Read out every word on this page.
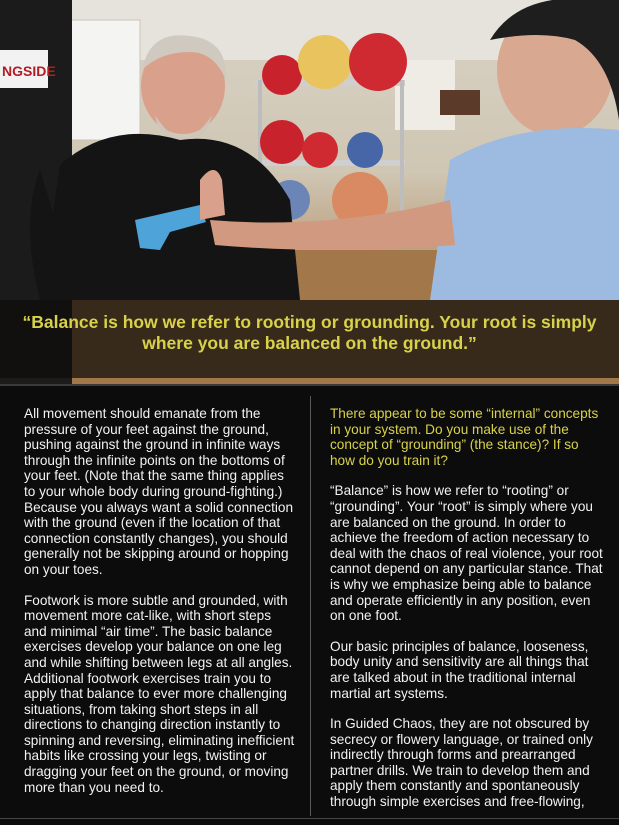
NGSIDE
“Balance is how we refer to rooting or grounding. Your root is simply where you are balanced on the ground.”

All movement should emanate from the pressure of your feet against the ground, pushing against the ground in infinite ways through the infinite points on the bottoms of your feet. (Note that the same thing applies to your whole body during ground-fighting.) Because you always want a solid connection with the ground (even if the location of that connection constantly changes), you should generally not be skipping around or hopping on your toes.

Footwork is more subtle and grounded, with movement more cat-like, with short steps and minimal “air time”. The basic balance exercises develop your balance on one leg and while shifting between legs at all angles. Additional footwork exercises train you to apply that balance to ever more challenging situations, from taking short steps in all directions to changing direction instantly to spinning and reversing, eliminating inefficient habits like crossing your legs, twisting or dragging your feet on the ground, or moving more than you need to.

There appear to be some “internal” concepts in your system. Do you make use of the concept of “grounding” (the stance)? If so how do you train it?

“Balance” is how we refer to “rooting” or “grounding”. Your “root” is simply where you are balanced on the ground. In order to achieve the freedom of action necessary to deal with the chaos of real violence, your root cannot depend on any particular stance. That is why we emphasize being able to balance and operate efficiently in any position, even on one foot.

Our basic principles of balance, looseness, body unity and sensitivity are all things that are talked about in the traditional internal martial art systems.

In Guided Chaos, they are not obscured by secrecy or flowery language, or trained only indirectly through forms and prearranged partner drills. We train to develop them and apply them constantly and spontaneously through simple exercises and free-flowing,
